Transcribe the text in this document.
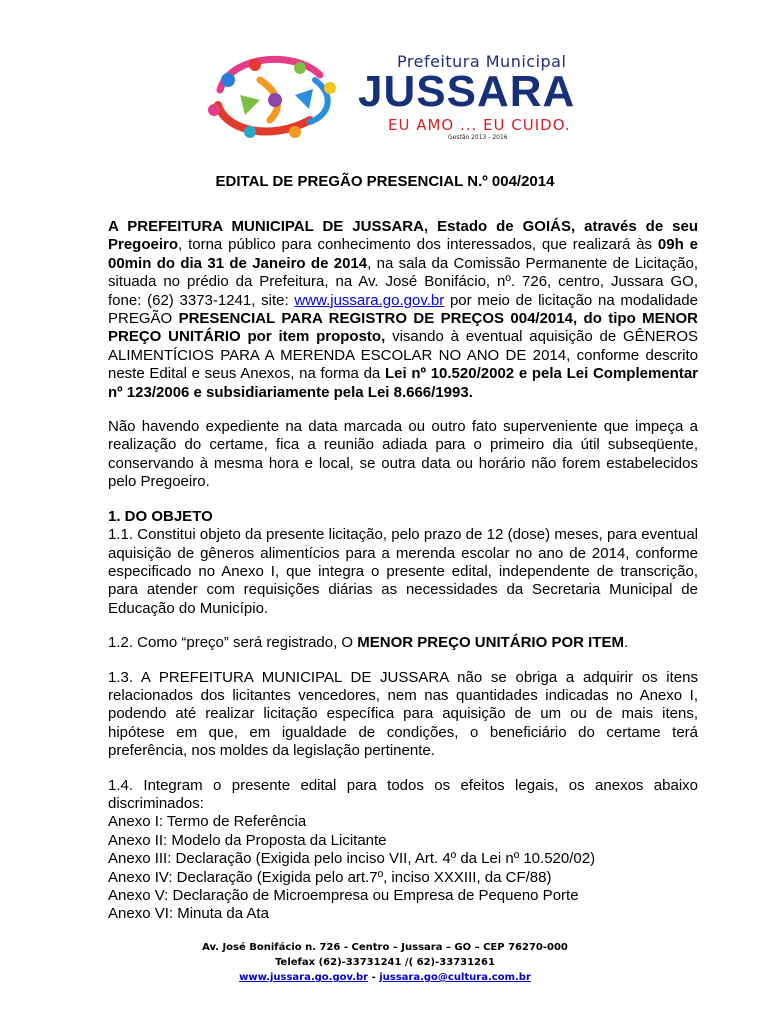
Prefeitura Municipal
JUSSARA
EU AMO ... EU CUIDO.
Gestão 2013 - 2016
EDITAL DE PREGÃO PRESENCIAL N.º 004/2014

A PREFEITURA MUNICIPAL DE JUSSARA, Estado de GOIÁS, através de seu Pregoeiro, torna público para conhecimento dos interessados, que realizará às 09h e 00min do dia 31 de Janeiro de 2014, na sala da Comissão Permanente de Licitação, situada no prédio da Prefeitura, na Av. José Bonifácio, nº. 726, centro, Jussara GO, fone: (62) 3373-1241, site: www.jussara.go.gov.br por meio de licitação na modalidade PREGÃO PRESENCIAL PARA REGISTRO DE PREÇOS 004/2014, do tipo MENOR PREÇO UNITÁRIO por item proposto, visando à eventual aquisição de GÊNEROS ALIMENTÍCIOS PARA A MERENDA ESCOLAR NO ANO DE 2014, conforme descrito neste Edital e seus Anexos, na forma da Lei nº 10.520/2002 e pela Lei Complementar nº 123/2006 e subsidiariamente pela Lei 8.666/1993.

Não havendo expediente na data marcada ou outro fato superveniente que impeça a realização do certame, fica a reunião adiada para o primeiro dia útil subseqüente, conservando à mesma hora e local, se outra data ou horário não forem estabelecidos pelo Pregoeiro.

1. DO OBJETO

1.1. Constitui objeto da presente licitação, pelo prazo de 12 (dose) meses, para eventual aquisição de gêneros alimentícios para a merenda escolar no ano de 2014, conforme especificado no Anexo I, que integra o presente edital, independente de transcrição, para atender com requisições diárias as necessidades da Secretaria Municipal de Educação do Município.

1.2. Como “preço” será registrado, O MENOR PREÇO UNITÁRIO POR ITEM.

1.3. A PREFEITURA MUNICIPAL DE JUSSARA não se obriga a adquirir os itens relacionados dos licitantes vencedores, nem nas quantidades indicadas no Anexo I, podendo até realizar licitação específica para aquisição de um ou de mais itens, hipótese em que, em igualdade de condições, o beneficiário do certame terá preferência, nos moldes da legislação pertinente.

1.4. Integram o presente edital para todos os efeitos legais, os anexos abaixo discriminados:

Anexo I: Termo de Referência

Anexo II: Modelo da Proposta da Licitante

Anexo III: Declaração (Exigida pelo inciso VII, Art. 4º da Lei nº 10.520/02)

Anexo IV: Declaração (Exigida pelo art.7º, inciso XXXIII, da CF/88)

Anexo V: Declaração de Microempresa ou Empresa de Pequeno Porte

Anexo VI: Minuta da Ata

Av. José Bonifácio n. 726 - Centro – Jussara – GO – CEP 76270-000
Telefax (62)-33731241 /( 62)-33731261
www.jussara.go.gov.br - jussara.go@cultura.com.br
